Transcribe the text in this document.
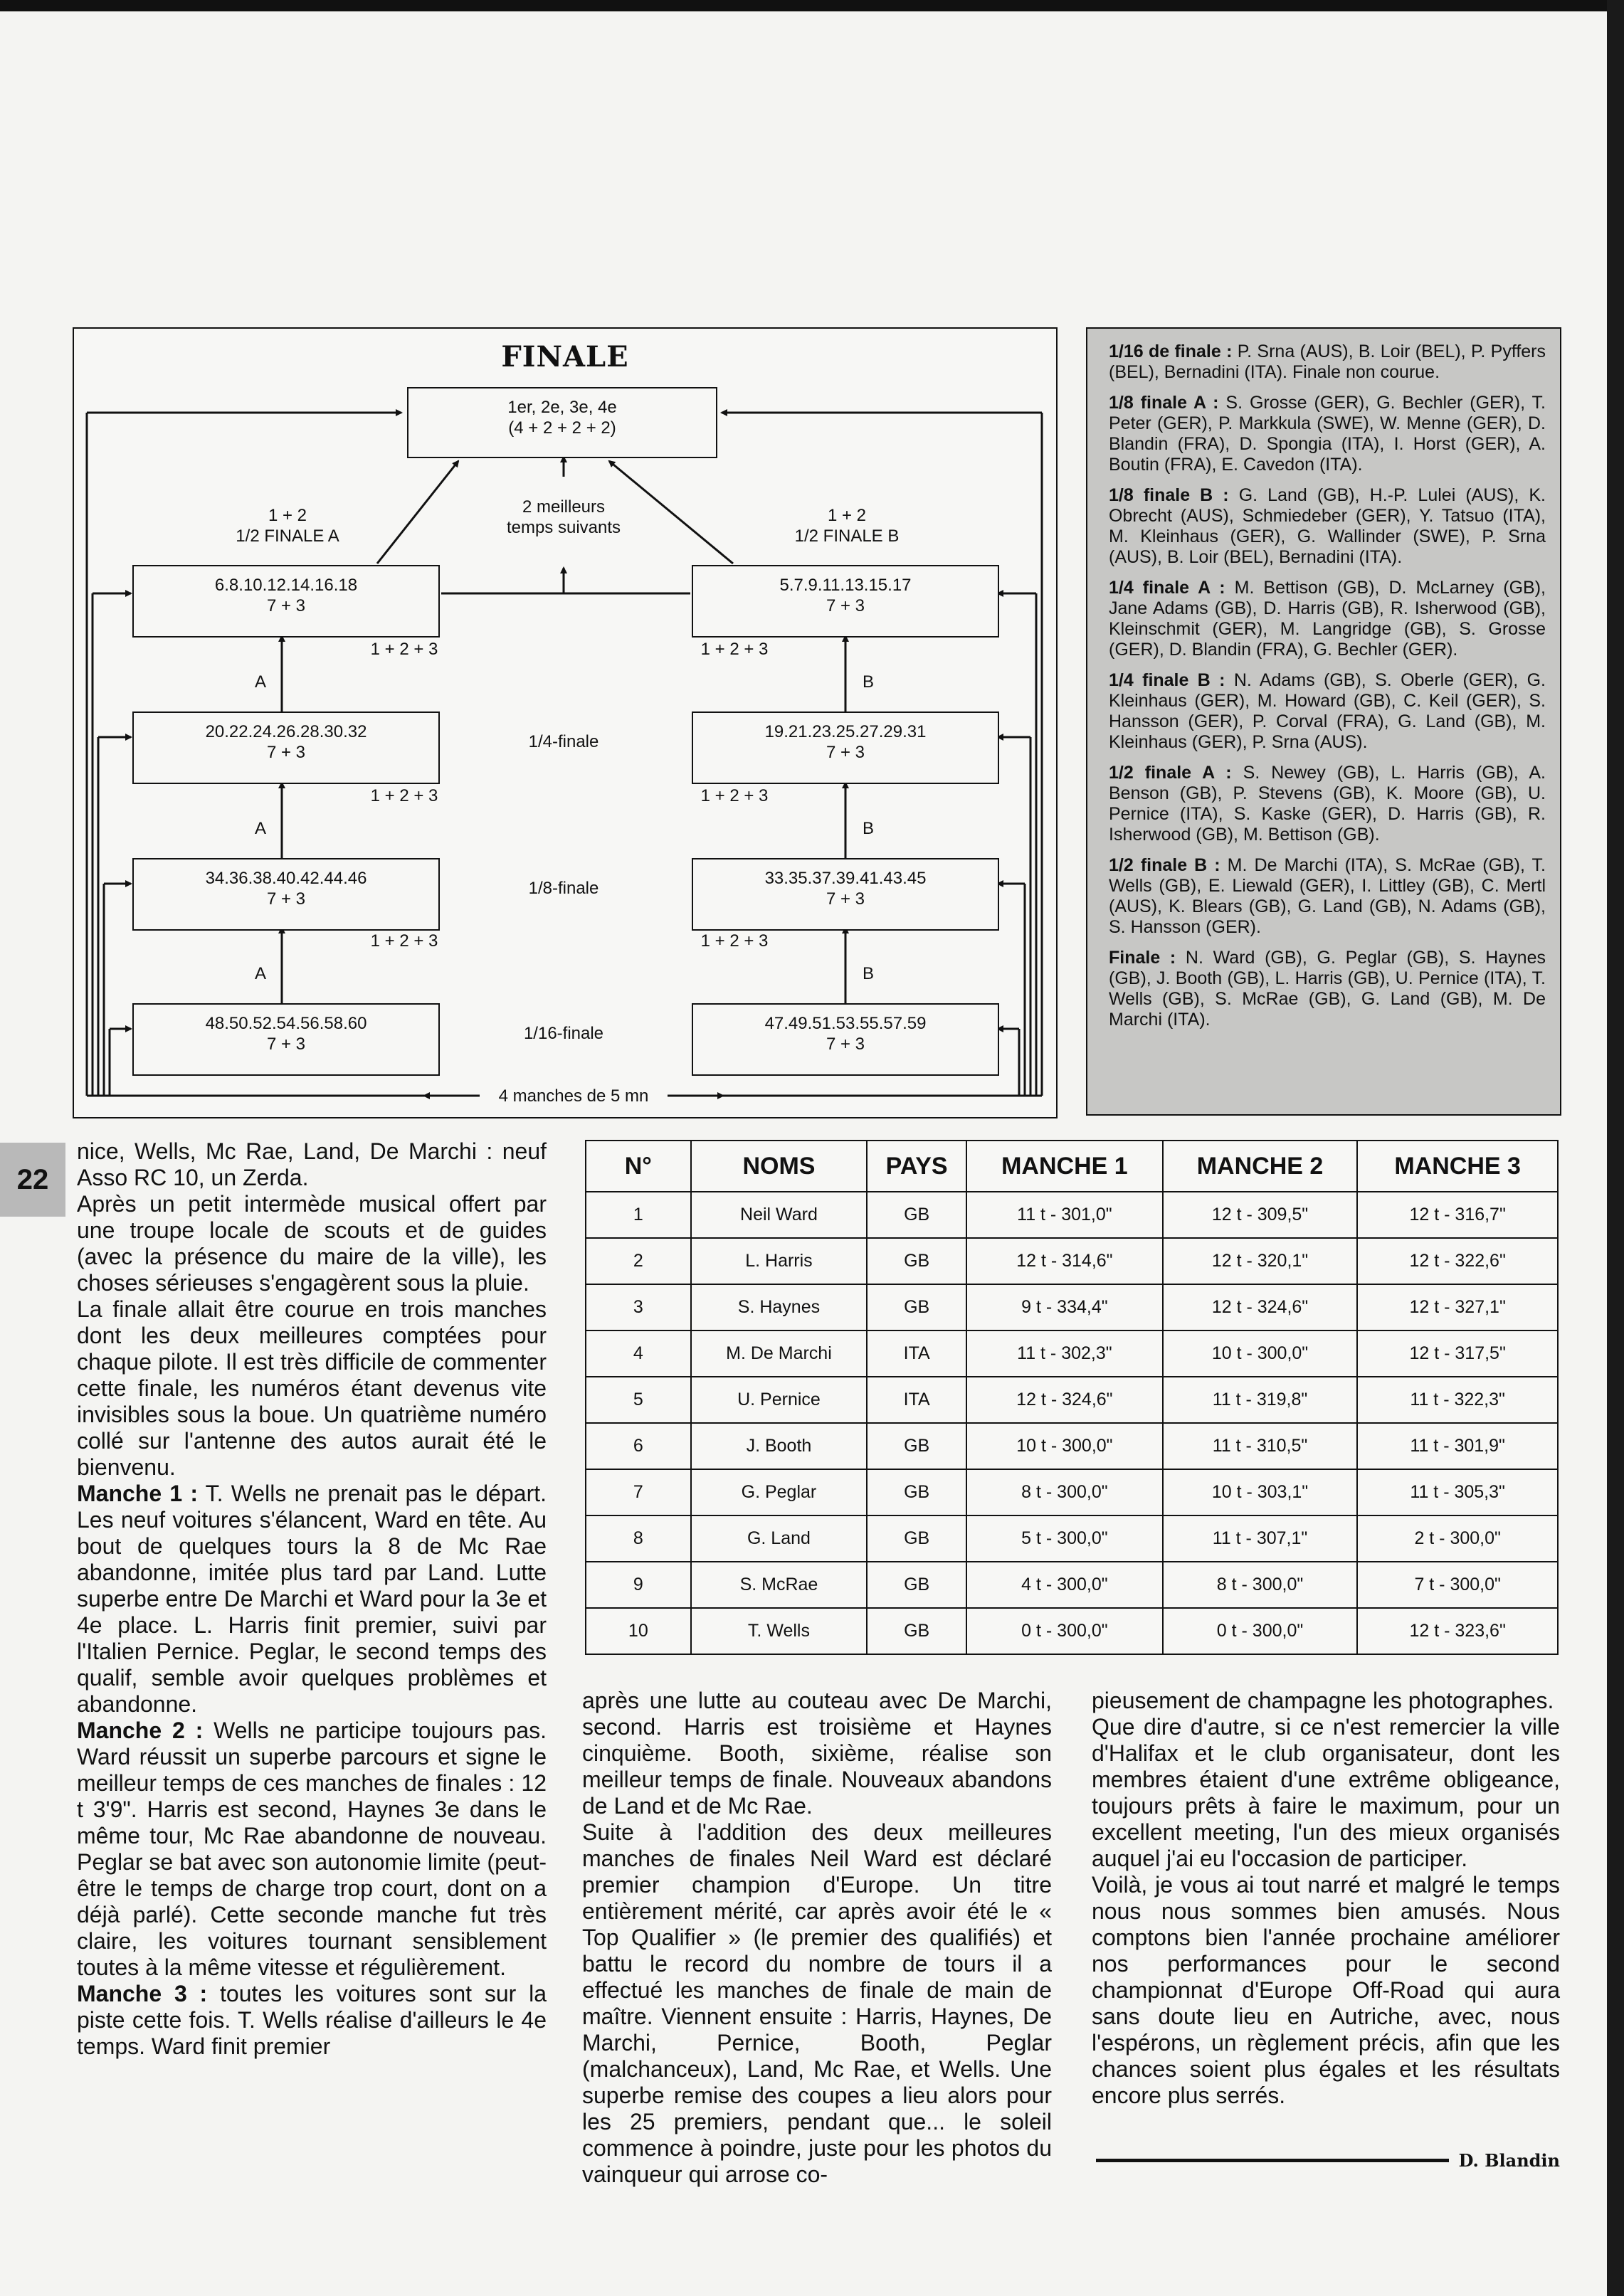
22
FINALE
1er, 2e, 3e, 4e
(4 + 2 + 2 + 2)
2 meilleurs
temps suivants
1 + 2
1/2 FINALE A
1 + 2
1/2 FINALE B
6.8.10.12.14.16.18
7 + 3
20.22.24.26.28.30.32
7 + 3
34.36.38.40.42.44.46
7 + 3
48.50.52.54.56.58.60
7 + 3
5.7.9.11.13.15.17
7 + 3
19.21.23.25.27.29.31
7 + 3
33.35.37.39.41.43.45
7 + 3
47.49.51.53.55.57.59
7 + 3
1/4-finale
1/8-finale
1/16-finale
1 + 2 + 3
1 + 2 + 3
1 + 2 + 3
1 + 2 + 3
1 + 2 + 3
1 + 2 + 3
A
A
A
B
B
B
4 manches de 5 mn

1/16 de finale : P. Srna (AUS), B. Loir (BEL), P. Pyffers (BEL), Bernadini (ITA). Finale non courue.

1/8 finale A : S. Grosse (GER), G. Bechler (GER), T. Peter (GER), P. Markkula (SWE), W. Menne (GER), D. Blandin (FRA), D. Spongia (ITA), I. Horst (GER), A. Boutin (FRA), E. Cavedon (ITA).

1/8 finale B : G. Land (GB), H.-P. Lulei (AUS), K. Obrecht (AUS), Schmiedeber (GER), Y. Tatsuo (ITA), M. Kleinhaus (GER), G. Wallinder (SWE), P. Srna (AUS), B. Loir (BEL), Bernadini (ITA).

1/4 finale A : M. Bettison (GB), D. McLarney (GB), Jane Adams (GB), D. Harris (GB), R. Isherwood (GB), Kleinschmit (GER), M. Langridge (GB), S. Grosse (GER), D. Blandin (FRA), G. Bechler (GER).

1/4 finale B : N. Adams (GB), S. Oberle (GER), G. Kleinhaus (GER), M. Howard (GB), C. Keil (GER), S. Hansson (GER), P. Corval (FRA), G. Land (GB), M. Kleinhaus (GER), P. Srna (AUS).

1/2 finale A : S. Newey (GB), L. Harris (GB), A. Benson (GB), P. Stevens (GB), K. Moore (GB), U. Pernice (ITA), S. Kaske (GER), D. Harris (GB), R. Isherwood (GB), M. Bettison (GB).

1/2 finale B : M. De Marchi (ITA), S. McRae (GB), T. Wells (GB), E. Liewald (GER), I. Littley (GB), C. Mertl (AUS), K. Blears (GB), G. Land (GB), N. Adams (GB), S. Hansson (GER).

Finale : N. Ward (GB), G. Peglar (GB), S. Haynes (GB), J. Booth (GB), L. Harris (GB), U. Pernice (ITA), T. Wells (GB), S. McRae (GB), G. Land (GB), M. De Marchi (ITA).

N°	NOMS	PAYS	MANCHE 1	MANCHE 2	MANCHE 3
1	Neil Ward	GB	11 t - 301,0"	12 t - 309,5"	12 t - 316,7"
2	L. Harris	GB	12 t - 314,6"	12 t - 320,1"	12 t - 322,6"
3	S. Haynes	GB	9 t - 334,4"	12 t - 324,6"	12 t - 327,1"
4	M. De Marchi	ITA	11 t - 302,3"	10 t - 300,0"	12 t - 317,5"
5	U. Pernice	ITA	12 t - 324,6"	11 t - 319,8"	11 t - 322,3"
6	J. Booth	GB	10 t - 300,0"	11 t - 310,5"	11 t - 301,9"
7	G. Peglar	GB	8 t - 300,0"	10 t - 303,1"	11 t - 305,3"
8	G. Land	GB	5 t - 300,0"	11 t - 307,1"	2 t - 300,0"
9	S. McRae	GB	4 t - 300,0"	8 t - 300,0"	7 t - 300,0"
10	T. Wells	GB	0 t - 300,0"	0 t - 300,0"	12 t - 323,6"

nice, Wells, Mc Rae, Land, De Marchi : neuf Asso RC 10, un Zerda.

Après un petit intermède musical offert par une troupe locale de scouts et de guides (avec la présence du maire de la ville), les choses sérieuses s'engagèrent sous la pluie.

La finale allait être courue en trois manches dont les deux meilleures comptées pour chaque pilote. Il est très difficile de commenter cette finale, les numéros étant devenus vite invisibles sous la boue. Un quatrième numéro collé sur l'antenne des autos aurait été le bienvenu.

Manche 1 : T. Wells ne prenait pas le départ. Les neuf voitures s'élancent, Ward en tête. Au bout de quelques tours la 8 de Mc Rae abandonne, imitée plus tard par Land. Lutte superbe entre De Marchi et Ward pour la 3e et 4e place. L. Harris finit premier, suivi par l'Italien Pernice. Peglar, le second temps des qualif, semble avoir quelques problèmes et abandonne.

Manche 2 : Wells ne participe toujours pas. Ward réussit un superbe parcours et signe le meilleur temps de ces manches de finales : 12 t 3'9". Harris est second, Haynes 3e dans le même tour, Mc Rae abandonne de nouveau. Peglar se bat avec son autonomie limite (peut-être le temps de charge trop court, dont on a déjà parlé). Cette seconde manche fut très claire, les voitures tournant sensiblement toutes à la même vitesse et régulièrement.

Manche 3 : toutes les voitures sont sur la piste cette fois. T. Wells réalise d'ailleurs le 4e temps. Ward finit premier

après une lutte au couteau avec De Marchi, second. Harris est troisième et Haynes cinquième. Booth, sixième, réalise son meilleur temps de finale. Nouveaux abandons de Land et de Mc Rae.

Suite à l'addition des deux meilleures manches de finales Neil Ward est déclaré premier champion d'Europe. Un titre entièrement mérité, car après avoir été le « Top Qualifier » (le premier des qualifiés) et battu le record du nombre de tours il a effectué les manches de finale de main de maître. Viennent ensuite : Harris, Haynes, De Marchi, Pernice, Booth, Peglar (malchanceux), Land, Mc Rae, et Wells. Une superbe remise des coupes a lieu alors pour les 25 premiers, pendant que... le soleil commence à poindre, juste pour les photos du vainqueur qui arrose co-

pieusement de champagne les photographes.

Que dire d'autre, si ce n'est remercier la ville d'Halifax et le club organisateur, dont les membres étaient d'une extrême obligeance, toujours prêts à faire le maximum, pour un excellent meeting, l'un des mieux organisés auquel j'ai eu l'occasion de participer.

Voilà, je vous ai tout narré et malgré le temps nous nous sommes bien amusés. Nous comptons bien l'année prochaine améliorer nos performances pour le second championnat d'Europe Off-Road qui aura sans doute lieu en Autriche, avec, nous l'espérons, un règlement précis, afin que les chances soient plus égales et les résultats encore plus serrés.

D. Blandin
